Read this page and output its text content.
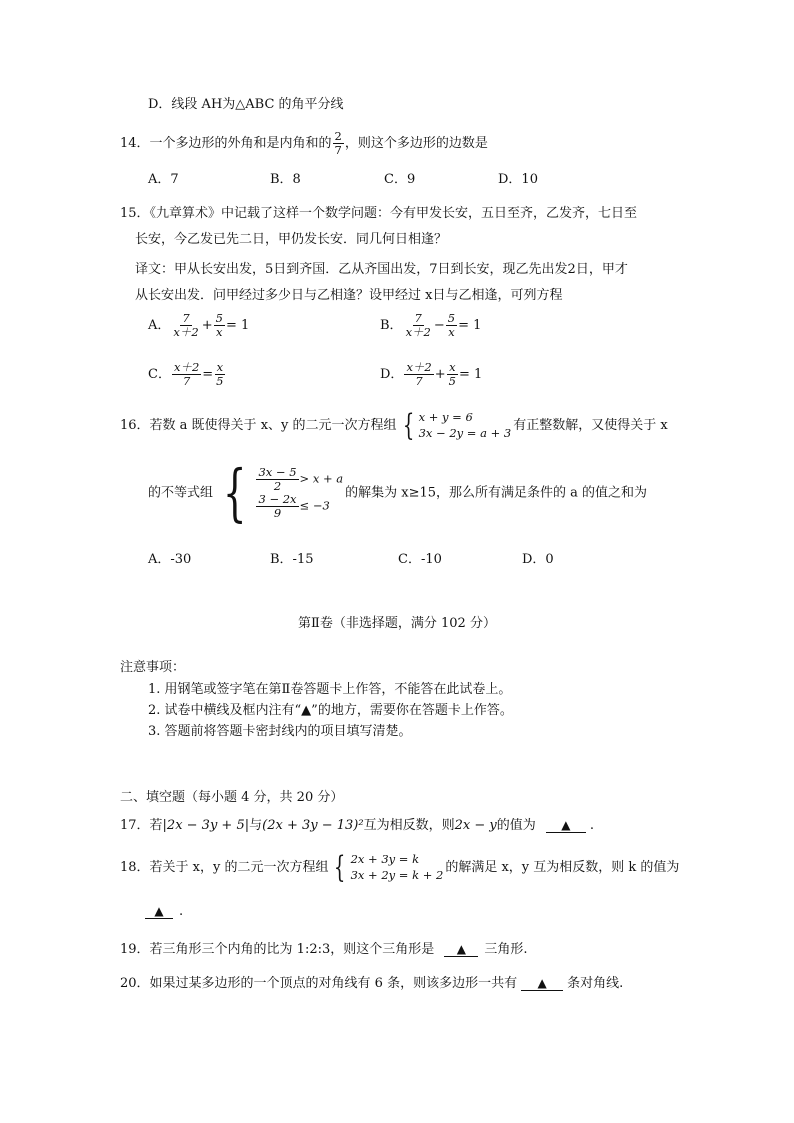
D．线段 AH为△ABC 的角平分线
14．一个多边形的外角和是内角和的 $\frac{2}{7}$ ，则这个多边形的边数是
A．7	B．8	C．9	D．10
15．《九章算术》中记载了这样一个数学问题：今有甲发长安，五日至齐，乙发齐，七日至
长安，今乙发已先二日，甲仍发长安．同几何日相逢？
译文：甲从长安出发，5日到齐国．乙从齐国出发，7日到长安，现乙先出发2日，甲才
从长安出发．问甲经过多少日与乙相逢？设甲经过 x日与乙相逢，可列方程
A． $\frac{7}{x+2} + \frac{5}{x} = 1$	B． $\frac{7}{x+2} - \frac{5}{x} = 1$
C． $\frac{x+2}{7} = \frac{x}{5}$	D． $\frac{x+2}{7} + \frac{x}{5} = 1$
16．若数 a 既使得关于 x、y 的二元一次方程组 { x + y = 6
3x − 2y = a + 3 有正整数解，又使得关于 x
的不等式组 { $\frac{3x - 5}{2} > x + a$
$\frac{3 - 2x}{9} \le -3$
的解集为 x≥15，那么所有满足条件的 a 的值之和为
A．-30	B．-15	C．-10	D．0
第Ⅱ卷（非选择题，满分 102 分）
注意事项：
1. 用钢笔或签字笔在第Ⅱ卷答题卡上作答，不能答在此试卷上。
2. 试卷中横线及框内注有“▲”的地方，需要你在答题卡上作答。
3. 答题前将答题卡密封线内的项目填写清楚。
二、填空题（每小题 4 分，共 20 分）
17．若|2x − 3y + 5|与(2x + 3y − 13)²互为相反数，则2x − y的值为 ▲ .
18．若关于 x，y 的二元一次方程组 { 2x + 3y = k
3x + 2y = k + 2 的解满足 x，y 互为相反数，则 k 的值为
▲ .
19．若三角形三个内角的比为 1:2:3，则这个三角形是 ▲ 三角形.
20．如果过某多边形的一个顶点的对角线有 6 条，则该多边形一共有 ▲ 条对角线.
